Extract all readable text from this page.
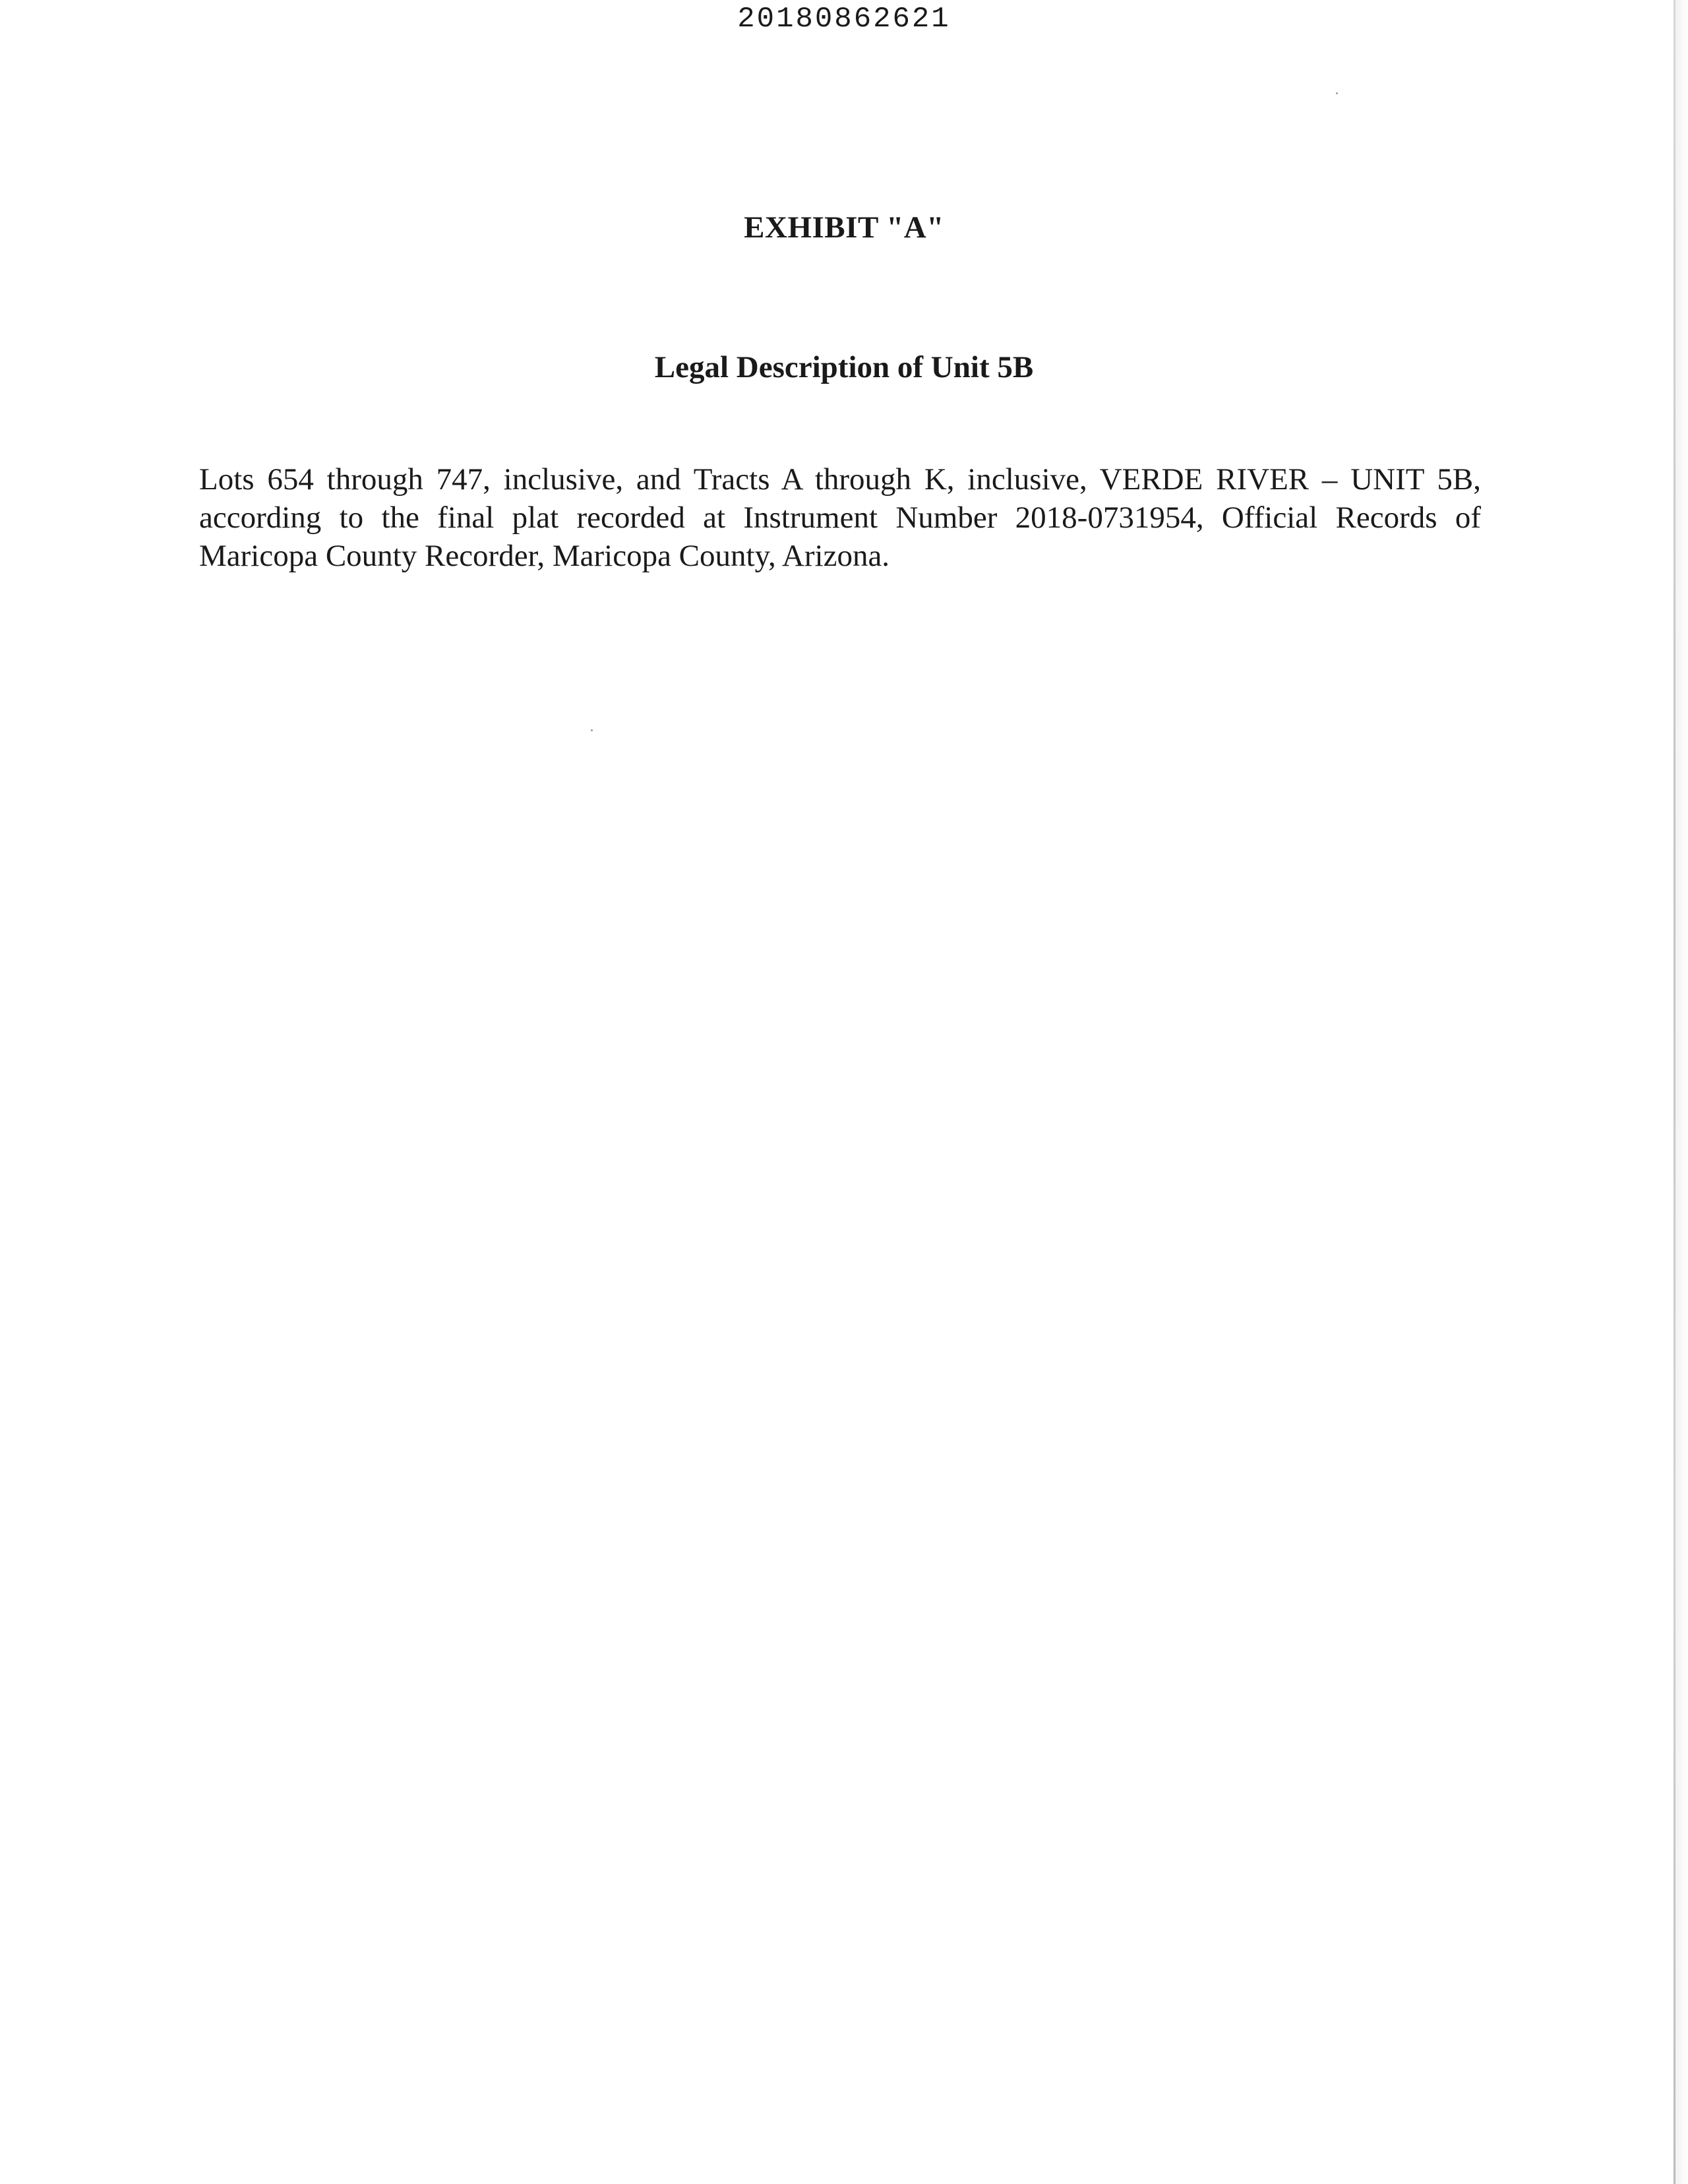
20180862621
EXHIBIT "A"
Legal Description of Unit 5B

Lots 654 through 747, inclusive, and Tracts A through K, inclusive, VERDE RIVER – UNIT 5B, according to the final plat recorded at Instrument Number 2018-0731954, Official Records of Maricopa County Recorder, Maricopa County, Arizona.
